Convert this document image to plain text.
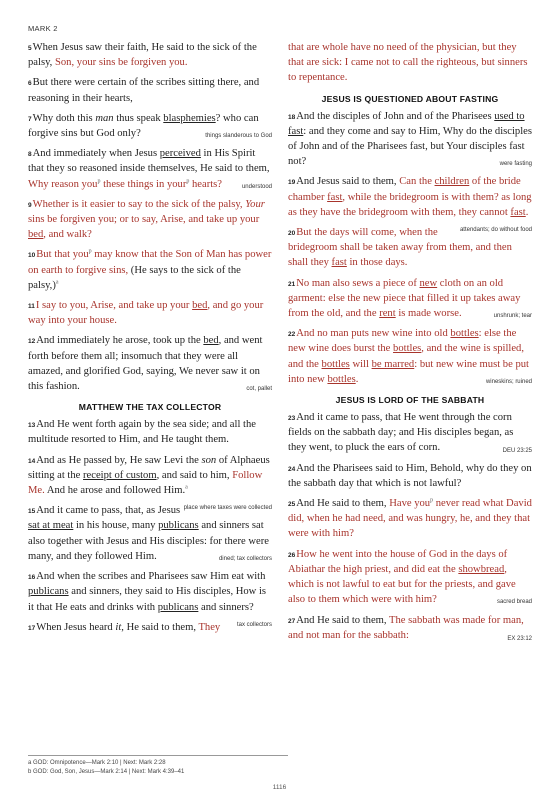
MARK 2

$^5$When Jesus saw their faith, He said to the sick of the palsy, Son, your sins be forgiven you.

$^6$But there were certain of the scribes sitting there, and reasoning in their hearts,

$^7$Why doth this man thus speak blasphemies? who can forgive sins but God only?	things slanderous to God

$^8$And immediately when Jesus perceived in His Spirit that they so reasoned inside themselves, He said to them, Why reason you$^p$ these things in your$^p$ hearts?	understood

$^9$Whether is it easier to say to the sick of the palsy, Your sins be forgiven you; or to say, Arise, and take up your bed, and walk?

$^{10}$But that you$^p$ may know that the Son of Man has power on earth to forgive sins, (He says to the sick of the palsy,)$^a$

$^{11}$I say to you, Arise, and take up your bed, and go your way into your house.

$^{12}$And immediately he arose, took up the bed, and went forth before them all; insomuch that they were all amazed, and glorified God, saying, We never saw it on this fashion.	cot, pallet

MATTHEW THE TAX COLLECTOR

$^{13}$And He went forth again by the sea side; and all the multitude resorted to Him, and He taught them.

$^{14}$And as He passed by, He saw Levi the son of Alphaeus sitting at the receipt of custom, and said to him, Follow Me. And he arose and followed Him.$^a$
place where taxes were collected

$^{15}$And it came to pass, that, as Jesus sat at meat in his house, many publicans and sinners sat also together with Jesus and His disciples: for there were many, and they followed Him.	dined; tax collectors

$^{16}$And when the scribes and Pharisees saw Him eat with publicans and sinners, they said to His disciples, How is it that He eats and drinks with publicans and sinners?
tax collectors

$^{17}$When Jesus heard it, He said to them, They

that are whole have no need of the physician, but they that are sick: I came not to call the righteous, but sinners to repentance.

JESUS IS QUESTIONED ABOUT FASTING

$^{18}$And the disciples of John and of the Pharisees used to fast: and they come and say to Him, Why do the disciples of John and of the Pharisees fast, but Your disciples fast not?	were fasting

$^{19}$And Jesus said to them, Can the children of the bride chamber fast, while the bridegroom is with them? as long as they have the bridegroom with them, they cannot fast.
attendants; do without food

$^{20}$But the days will come, when the bridegroom shall be taken away from them, and then shall they fast in those days.

$^{21}$No man also sews a piece of new cloth on an old garment: else the new piece that filled it up takes away from the old, and the rent is made worse.	unshrunk; tear

$^{22}$And no man puts new wine into old bottles: else the new wine does burst the bottles, and the wine is spilled, and the bottles will be marred: but new wine must be put into new bottles.	wineskins; ruined

JESUS IS LORD OF THE SABBATH

$^{23}$And it came to pass, that He went through the corn fields on the sabbath day; and His disciples began, as they went, to pluck the ears of corn.	DEU 23:25

$^{24}$And the Pharisees said to Him, Behold, why do they on the sabbath day that which is not lawful?

$^{25}$And He said to them, Have you$^p$ never read what David did, when he had need, and was hungry, he, and they that were with him?

$^{26}$How he went into the house of God in the days of Abiathar the high priest, and did eat the showbread, which is not lawful to eat but for the priests, and gave also to them which were with him?	sacred bread

$^{27}$And He said to them, The sabbath was made for man, and not man for the sabbath:	EX 23:12

a GOD: Omnipotence—Mark 2:10 | Next: Mark 2:28
b GOD: God, Son, Jesus—Mark 2:14 | Next: Mark 4:39–41
1116
